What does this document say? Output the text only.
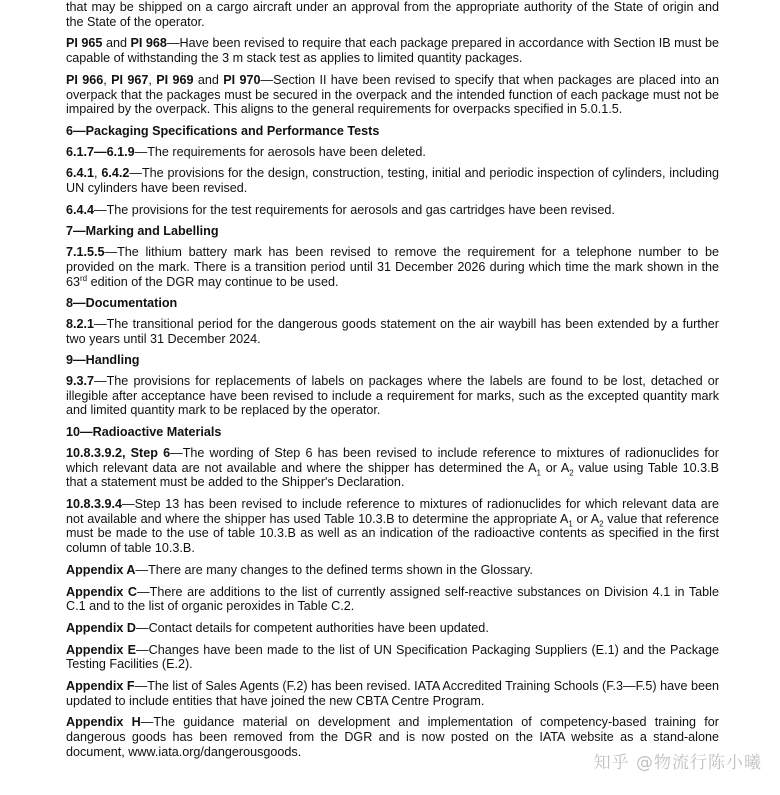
that may be shipped on a cargo aircraft under an approval from the appropriate authority of the State of origin and the State of the operator.

PI 965 and PI 968—Have been revised to require that each package prepared in accordance with Section IB must be capable of withstanding the 3 m stack test as applies to limited quantity packages.

PI 966, PI 967, PI 969 and PI 970—Section II have been revised to specify that when packages are placed into an overpack that the packages must be secured in the overpack and the intended function of each package must not be impaired by the overpack. This aligns to the general requirements for overpacks specified in 5.0.1.5.

6—Packaging Specifications and Performance Tests

6.1.7—6.1.9—The requirements for aerosols have been deleted.

6.4.1, 6.4.2—The provisions for the design, construction, testing, initial and periodic inspection of cylinders, including UN cylinders have been revised.

6.4.4—The provisions for the test requirements for aerosols and gas cartridges have been revised.

7—Marking and Labelling

7.1.5.5—The lithium battery mark has been revised to remove the requirement for a telephone number to be provided on the mark. There is a transition period until 31 December 2026 during which time the mark shown in the 63rd edition of the DGR may continue to be used.

8—Documentation

8.2.1—The transitional period for the dangerous goods statement on the air waybill has been extended by a further two years until 31 December 2024.

9—Handling

9.3.7—The provisions for replacements of labels on packages where the labels are found to be lost, detached or illegible after acceptance have been revised to include a requirement for marks, such as the excepted quantity mark and limited quantity mark to be replaced by the operator.

10—Radioactive Materials

10.8.3.9.2, Step 6—The wording of Step 6 has been revised to include reference to mixtures of radionuclides for which relevant data are not available and where the shipper has determined the $A_1$ or $A_2$ value using Table 10.3.B that a statement must be added to the Shipper's Declaration.

10.8.3.9.4—Step 13 has been revised to include reference to mixtures of radionuclides for which relevant data are not available and where the shipper has used Table 10.3.B to determine the appropriate $A_1$ or $A_2$ value that reference must be made to the use of table 10.3.B as well as an indication of the radioactive contents as specified in the first column of table 10.3.B.

Appendix A—There are many changes to the defined terms shown in the Glossary.

Appendix C—There are additions to the list of currently assigned self-reactive substances on Division 4.1 in Table C.1 and to the list of organic peroxides in Table C.2.

Appendix D—Contact details for competent authorities have been updated.

Appendix E—Changes have been made to the list of UN Specification Packaging Suppliers (E.1) and the Package Testing Facilities (E.2).

Appendix F—The list of Sales Agents (F.2) has been revised. IATA Accredited Training Schools (F.3—F.5) have been updated to include entities that have joined the new CBTA Centre Program.

Appendix H—The guidance material on development and implementation of competency-based training for dangerous goods has been removed from the DGR and is now posted on the IATA website as a stand-alone document, www.iata.org/dangerousgoods.

知乎 @物流行陈小曦
